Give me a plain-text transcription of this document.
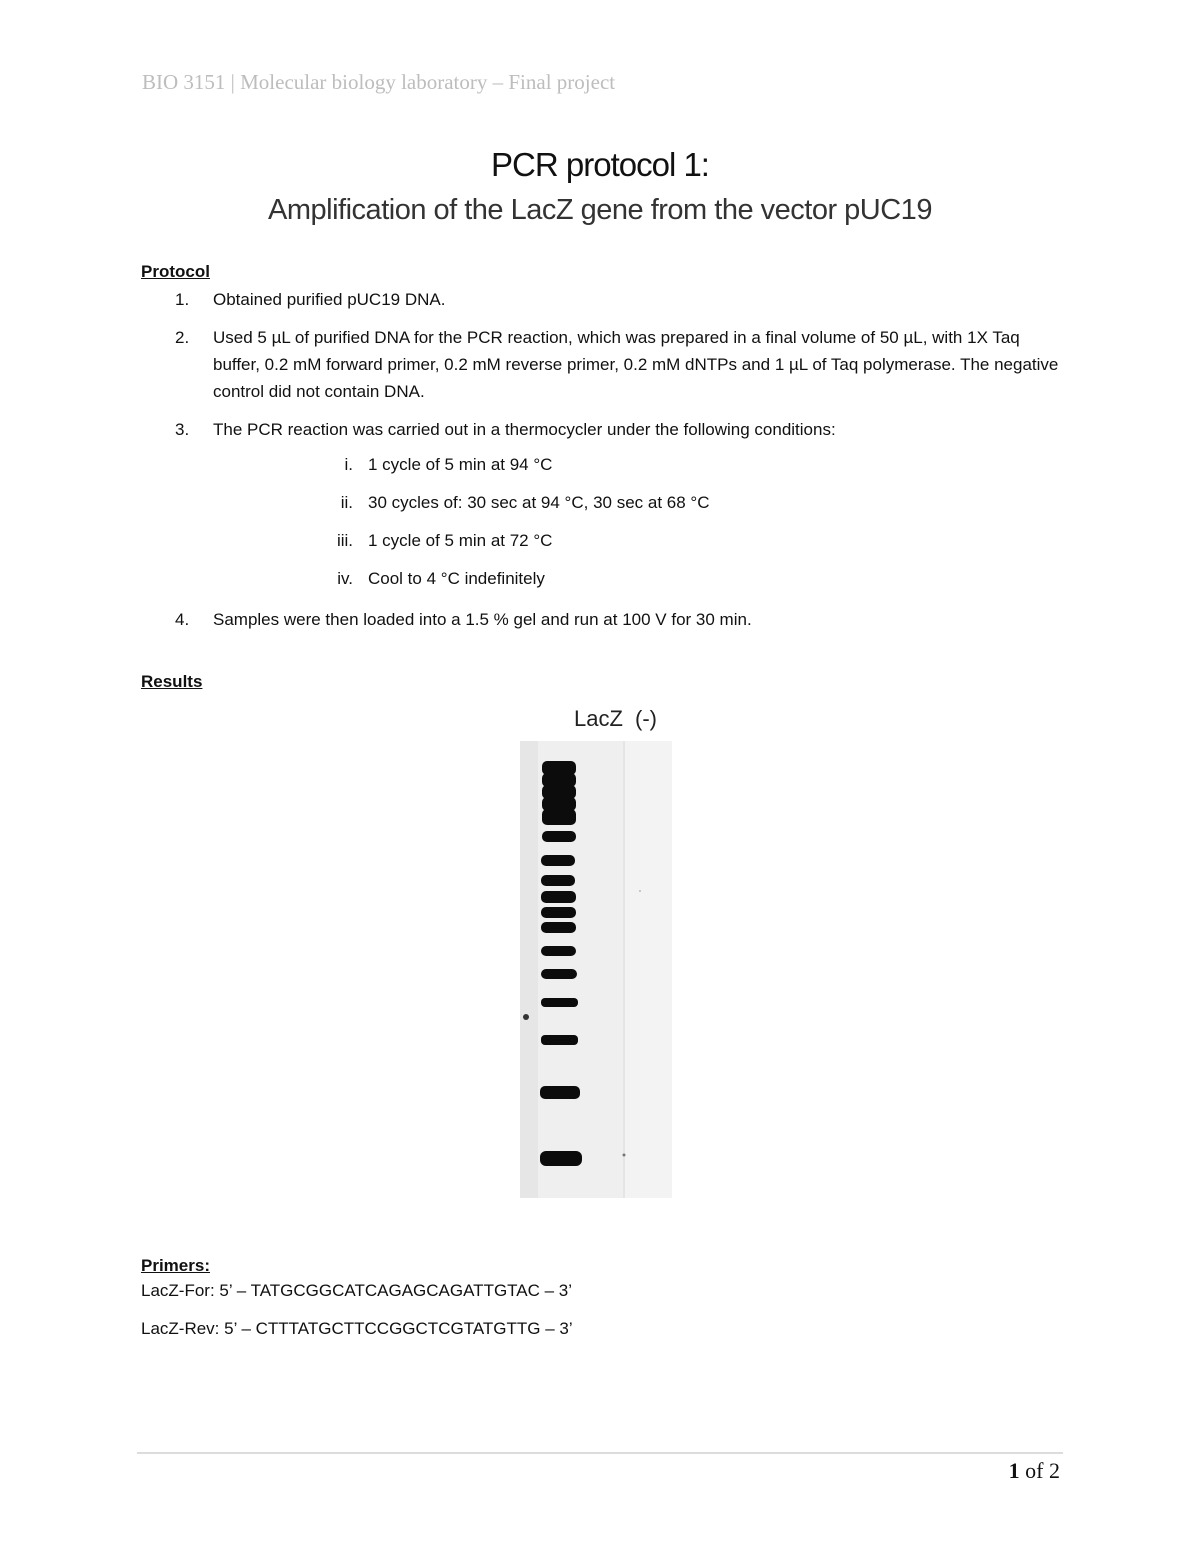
BIO 3151 | Molecular biology laboratory – Final project
PCR protocol 1:
Amplification of the LacZ gene from the vector pUC19
Protocol
1.	Obtained purified pUC19 DNA.
2.	Used 5 µL of purified DNA for the PCR reaction, which was prepared in a final volume of 50 µL, with 1X Taq buffer, 0.2 mM forward primer, 0.2 mM reverse primer, 0.2 mM dNTPs and 1 µL of Taq polymerase. The negative control did not contain DNA.
3.	The PCR reaction was carried out in a thermocycler under the following conditions:
i. 1 cycle of 5 min at 94 °C
ii. 30 cycles of: 30 sec at 94 °C, 30 sec at 68 °C
iii. 1 cycle of 5 min at 72 °C
iv. Cool to 4 °C indefinitely
4.	Samples were then loaded into a 1.5 % gel and run at 100 V for 30 min.
Results
LacZ (-)
Primers:
LacZ-For: 5’ – TATGCGGCATCAGAGCAGATTGTAC – 3’
LacZ-Rev: 5’ – CTTTATGCTTCCGGCTCGTATGTTG – 3’
1 of 2
